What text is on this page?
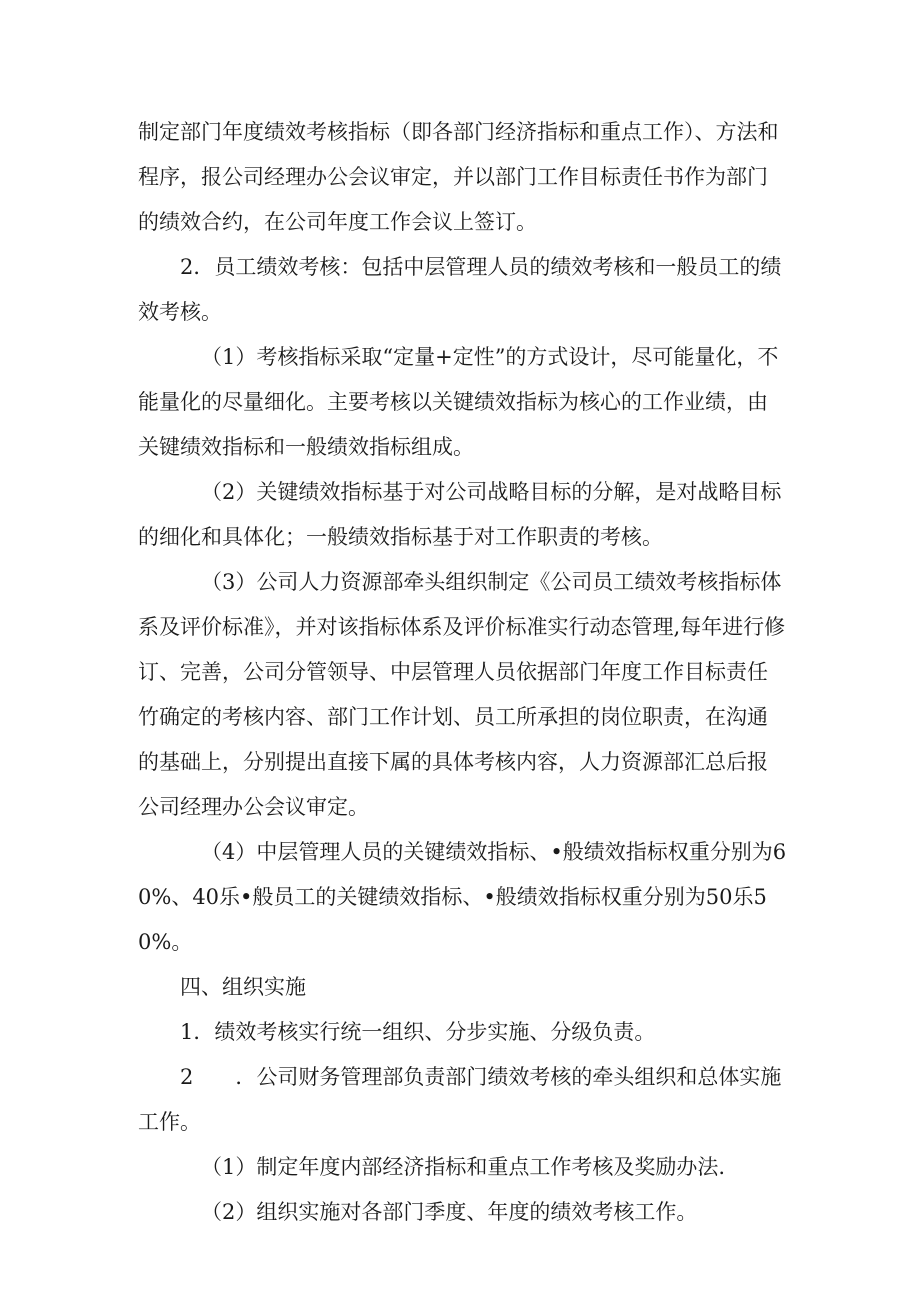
制定部门年度绩效考核指标（即各部门经济指标和重点工作）、方法和程序，报公司经理办公会议审定，并以部门工作目标责任书作为部门的绩效合约，在公司年度工作会议上签订。

2．员工绩效考核：包括中层管理人员的绩效考核和一般员工的绩效考核。

（1）考核指标采取“定量+定性”的方式设计，尽可能量化，不能量化的尽量细化。主要考核以关键绩效指标为核心的工作业绩，由关键绩效指标和一般绩效指标组成。

（2）关键绩效指标基于对公司战略目标的分解，是对战略目标的细化和具体化；一般绩效指标基于对工作职责的考核。

（3）公司人力资源部牵头组织制定《公司员工绩效考核指标体系及评价标准》，并对该指标体系及评价标准实行动态管理,每年进行修订、完善，公司分管领导、中层管理人员依据部门年度工作目标责任竹确定的考核内容、部门工作计划、员工所承担的岗位职责，在沟通的基础上，分别提出直接下属的具体考核内容，人力资源部汇总后报公司经理办公会议审定。

（4）中层管理人员的关键绩效指标、•般绩效指标权重分别为60%、40乐•般员工的关键绩效指标、•般绩效指标权重分别为50乐50%。

四、组织实施

1．绩效考核实行统一组织、分步实施、分级负责。

2　　．公司财务管理部负责部门绩效考核的牵头组织和总体实施工作。

（1）制定年度内部经济指标和重点工作考核及奖励办法.

（2）组织实施对各部门季度、年度的绩效考核工作。
